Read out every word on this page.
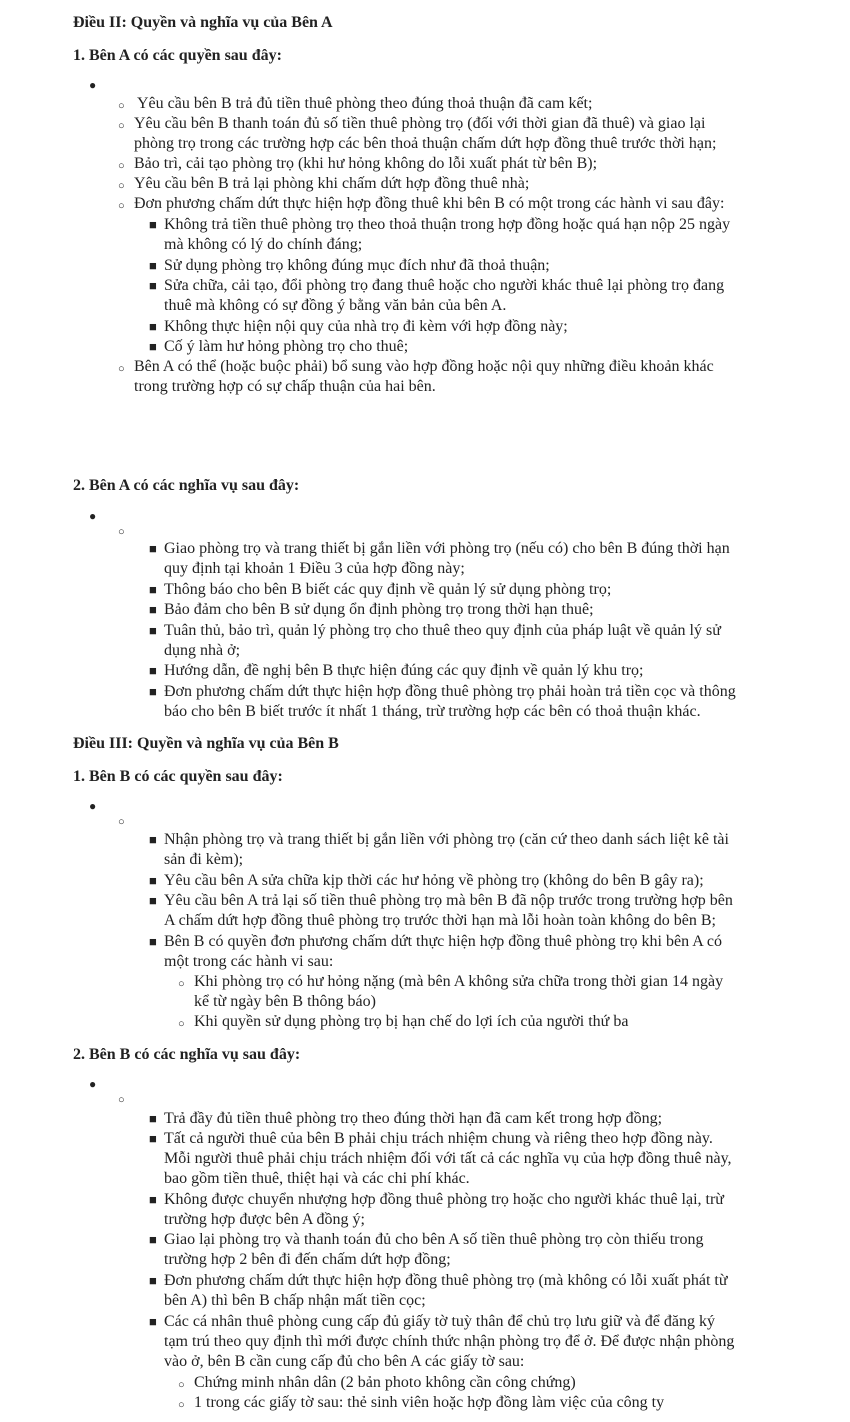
Điều II: Quyền và nghĩa vụ của Bên A
1. Bên A có các quyền sau đây:
●
○ Yêu cầu bên B trả đủ tiền thuê phòng theo đúng thoả thuận đã cam kết;
○ Yêu cầu bên B thanh toán đủ số tiền thuê phòng trọ (đối với thời gian đã thuê) và giao lại
phòng trọ trong các trường hợp các bên thoả thuận chấm dứt hợp đồng thuê trước thời hạn;
○ Bảo trì, cải tạo phòng trọ (khi hư hỏng không do lỗi xuất phát từ bên B);
○ Yêu cầu bên B trả lại phòng khi chấm dứt hợp đồng thuê nhà;
○ Đơn phương chấm dứt thực hiện hợp đồng thuê khi bên B có một trong các hành vi sau đây:
■ Không trả tiền thuê phòng trọ theo thoả thuận trong hợp đồng hoặc quá hạn nộp 25 ngày
mà không có lý do chính đáng;
■ Sử dụng phòng trọ không đúng mục đích như đã thoả thuận;
■ Sửa chữa, cải tạo, đổi phòng trọ đang thuê hoặc cho người khác thuê lại phòng trọ đang
thuê mà không có sự đồng ý bằng văn bản của bên A.
■ Không thực hiện nội quy của nhà trọ đi kèm với hợp đồng này;
■ Cố ý làm hư hỏng phòng trọ cho thuê;
○ Bên A có thể (hoặc buộc phải) bổ sung vào hợp đồng hoặc nội quy những điều khoản khác
trong trường hợp có sự chấp thuận của hai bên.
2. Bên A có các nghĩa vụ sau đây:
●
○
■ Giao phòng trọ và trang thiết bị gắn liền với phòng trọ (nếu có) cho bên B đúng thời hạn
quy định tại khoản 1 Điều 3 của hợp đồng này;
■ Thông báo cho bên B biết các quy định về quản lý sử dụng phòng trọ;
■ Bảo đảm cho bên B sử dụng ổn định phòng trọ trong thời hạn thuê;
■ Tuân thủ, bảo trì, quản lý phòng trọ cho thuê theo quy định của pháp luật về quản lý sử
dụng nhà ở;
■ Hướng dẫn, đề nghị bên B thực hiện đúng các quy định về quản lý khu trọ;
■ Đơn phương chấm dứt thực hiện hợp đồng thuê phòng trọ phải hoàn trả tiền cọc và thông
báo cho bên B biết trước ít nhất 1 tháng, trừ trường hợp các bên có thoả thuận khác.
Điều III: Quyền và nghĩa vụ của Bên B
1. Bên B có các quyền sau đây:
●
○
■ Nhận phòng trọ và trang thiết bị gắn liền với phòng trọ (căn cứ theo danh sách liệt kê tài
sản đi kèm);
■ Yêu cầu bên A sửa chữa kịp thời các hư hỏng về phòng trọ (không do bên B gây ra);
■ Yêu cầu bên A trả lại số tiền thuê phòng trọ mà bên B đã nộp trước trong trường hợp bên
A chấm dứt hợp đồng thuê phòng trọ trước thời hạn mà lỗi hoàn toàn không do bên B;
■ Bên B có quyền đơn phương chấm dứt thực hiện hợp đồng thuê phòng trọ khi bên A có
một trong các hành vi sau:
○ Khi phòng trọ có hư hỏng nặng (mà bên A không sửa chữa trong thời gian 14 ngày
kể từ ngày bên B thông báo)
○ Khi quyền sử dụng phòng trọ bị hạn chế do lợi ích của người thứ ba
2. Bên B có các nghĩa vụ sau đây:
●
○
■ Trả đầy đủ tiền thuê phòng trọ theo đúng thời hạn đã cam kết trong hợp đồng;
■ Tất cả người thuê của bên B phải chịu trách nhiệm chung và riêng theo hợp đồng này.
Mỗi người thuê phải chịu trách nhiệm đối với tất cả các nghĩa vụ của hợp đồng thuê này,
bao gồm tiền thuê, thiệt hại và các chi phí khác.
■ Không được chuyển nhượng hợp đồng thuê phòng trọ hoặc cho người khác thuê lại, trừ
trường hợp được bên A đồng ý;
■ Giao lại phòng trọ và thanh toán đủ cho bên A số tiền thuê phòng trọ còn thiếu trong
trường hợp 2 bên đi đến chấm dứt hợp đồng;
■ Đơn phương chấm dứt thực hiện hợp đồng thuê phòng trọ (mà không có lỗi xuất phát từ
bên A) thì bên B chấp nhận mất tiền cọc;
■ Các cá nhân thuê phòng cung cấp đủ giấy tờ tuỳ thân để chủ trọ lưu giữ và để đăng ký
tạm trú theo quy định thì mới được chính thức nhận phòng trọ để ở. Để được nhận phòng
vào ở, bên B cần cung cấp đủ cho bên A các giấy tờ sau:
○ Chứng minh nhân dân (2 bản photo không cần công chứng)
○ 1 trong các giấy tờ sau: thẻ sinh viên hoặc hợp đồng làm việc của công ty
